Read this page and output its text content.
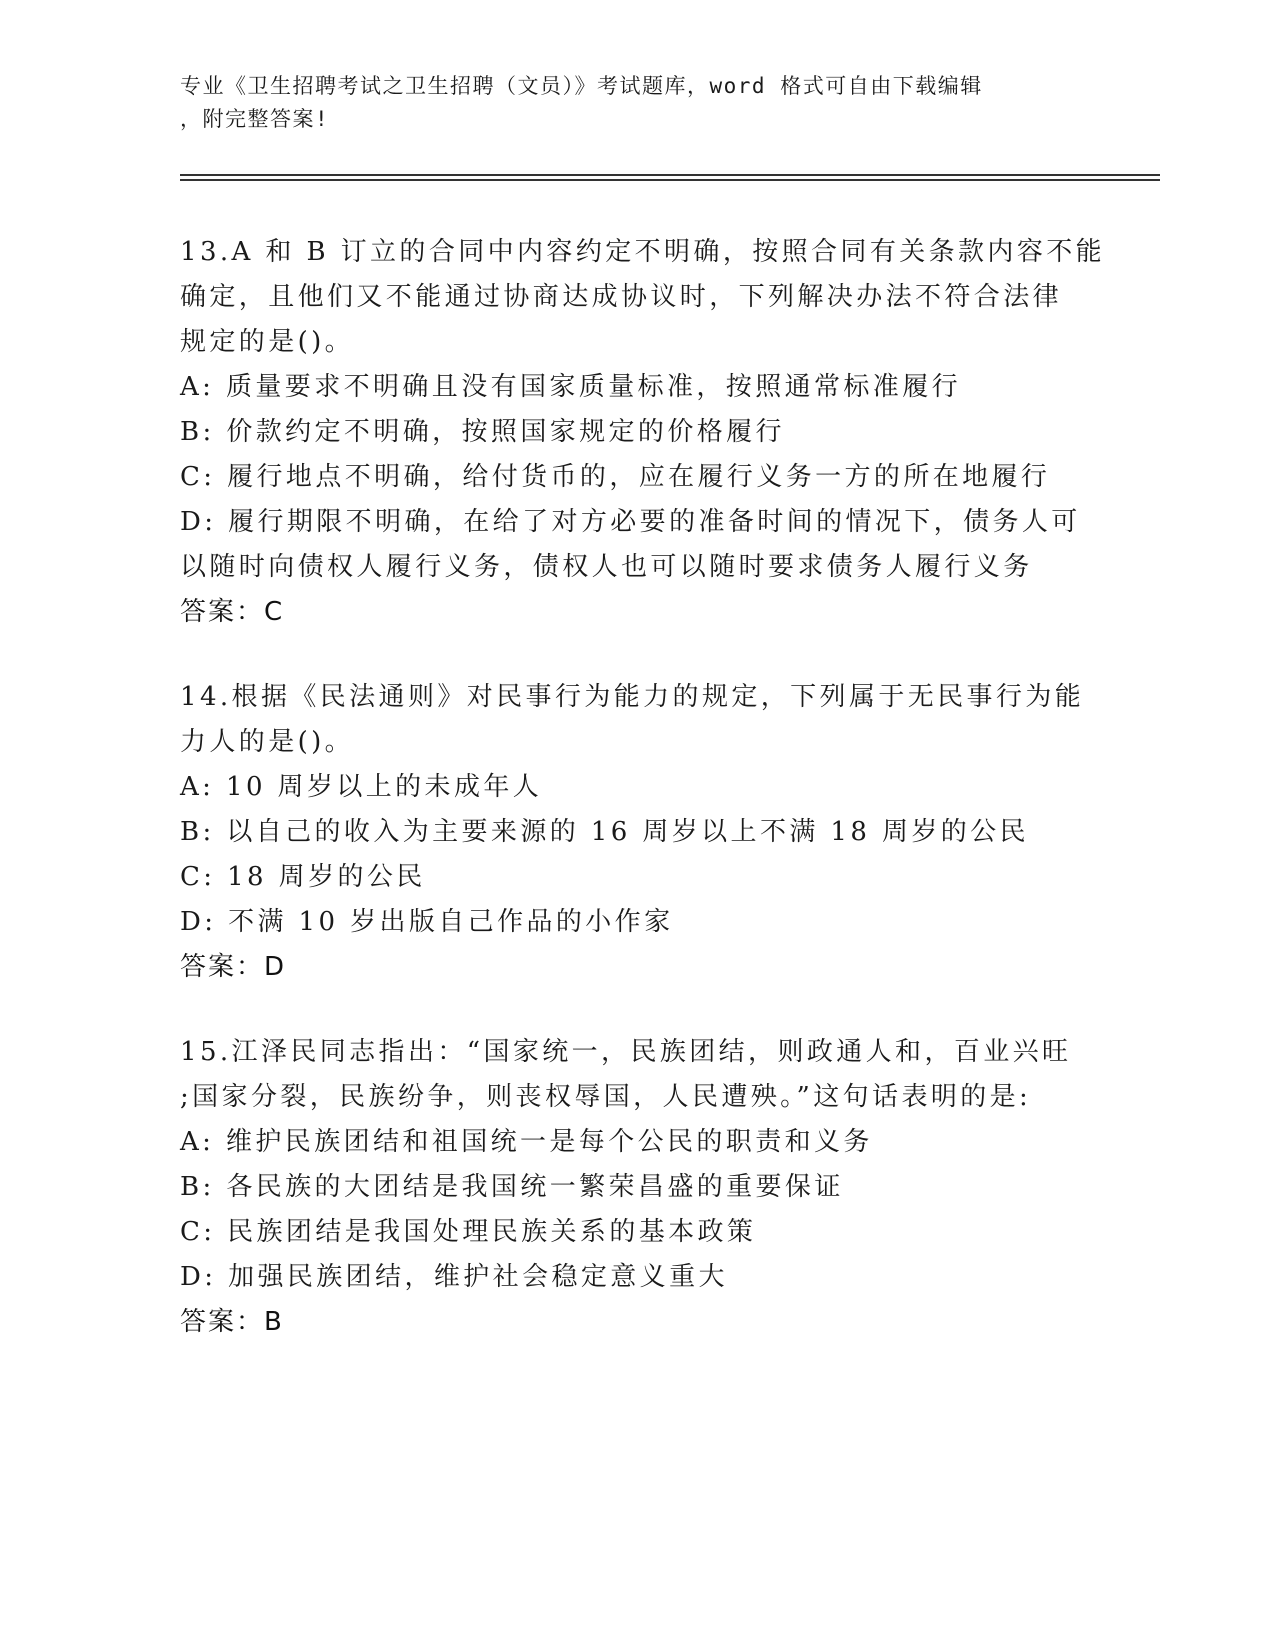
专业《卫生招聘考试之卫生招聘（文员）》考试题库，word 格式可自由下载编辑
，附完整答案!
13.A 和 B 订立的合同中内容约定不明确，按照合同有关条款内容不能
确定，且他们又不能通过协商达成协议时，下列解决办法不符合法律
规定的是()。
A: 质量要求不明确且没有国家质量标准，按照通常标准履行
B: 价款约定不明确，按照国家规定的价格履行
C: 履行地点不明确，给付货币的，应在履行义务一方的所在地履行
D: 履行期限不明确，在给了对方必要的准备时间的情况下，债务人可
以随时向债权人履行义务，债权人也可以随时要求债务人履行义务
答案：C
14.根据《民法通则》对民事行为能力的规定，下列属于无民事行为能
力人的是()。
A: 10 周岁以上的未成年人
B: 以自己的收入为主要来源的 16 周岁以上不满 18 周岁的公民
C: 18 周岁的公民
D: 不满 10 岁出版自己作品的小作家
答案：D
15.江泽民同志指出：“国家统一，民族团结，则政通人和，百业兴旺
;国家分裂，民族纷争，则丧权辱国，人民遭殃。”这句话表明的是:
A: 维护民族团结和祖国统一是每个公民的职责和义务
B: 各民族的大团结是我国统一繁荣昌盛的重要保证
C: 民族团结是我国处理民族关系的基本政策
D: 加强民族团结，维护社会稳定意义重大
答案：B
